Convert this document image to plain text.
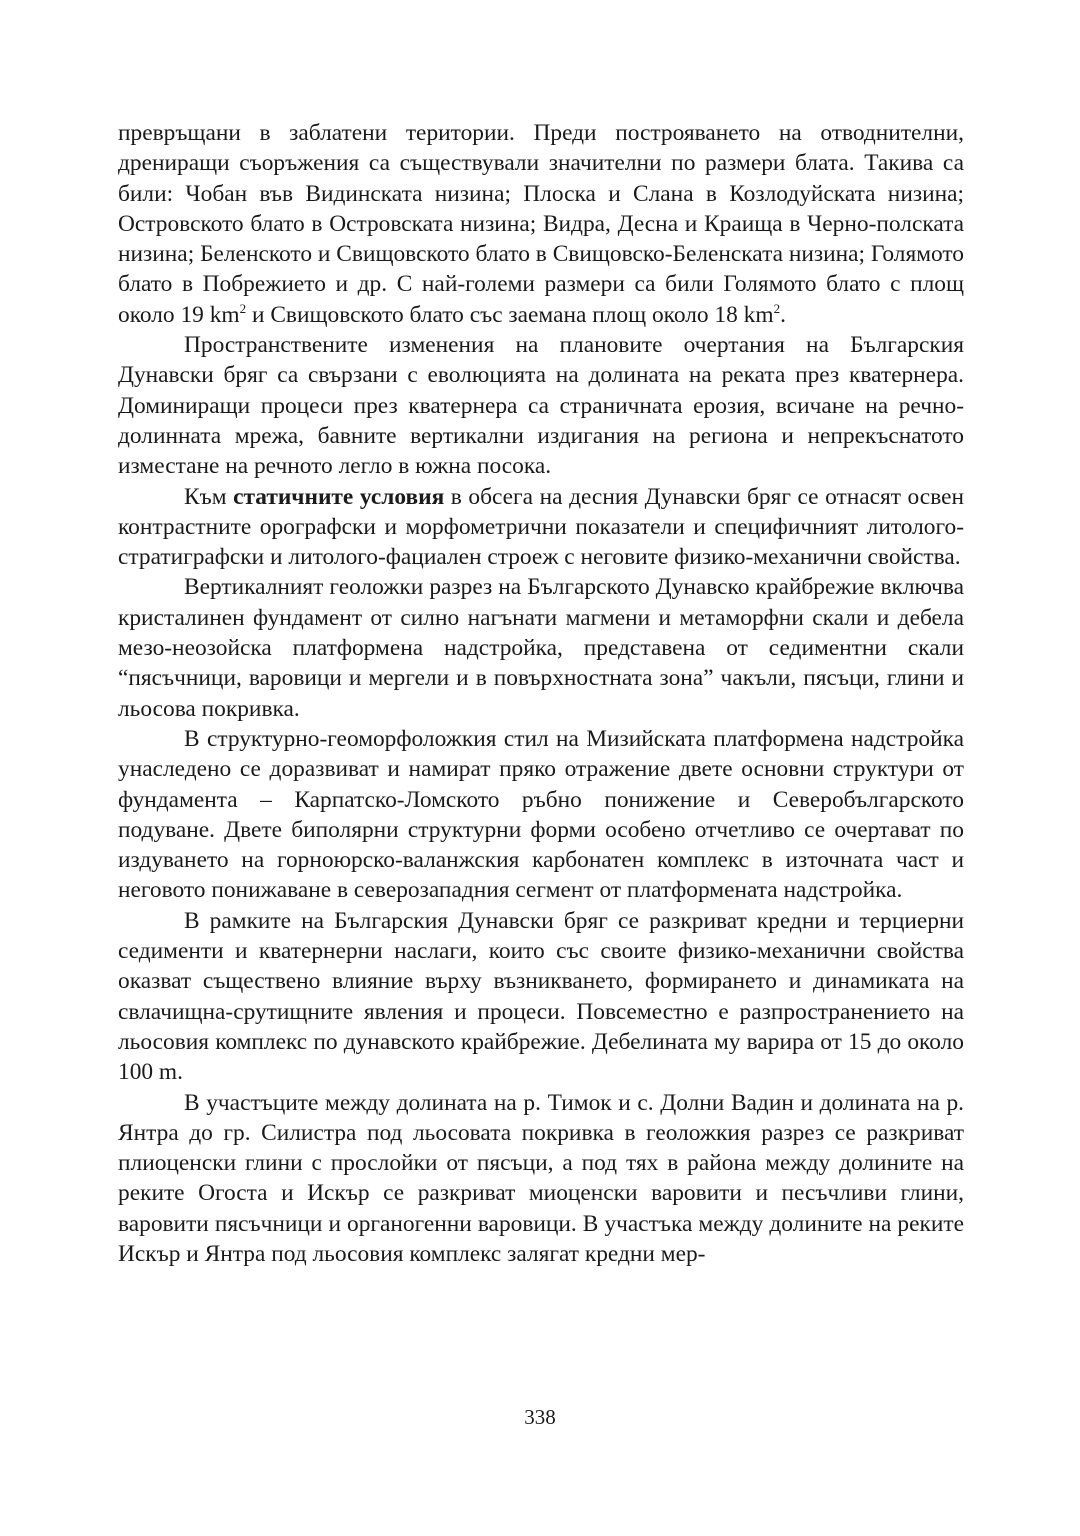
превръщани в заблатени територии. Преди построяването на отводнителни, дрениращи съоръжения са съществували значителни по размери блата. Такива са били: Чобан във Видинската низина; Плоска и Слана в Козлодуйската низина; Островското блато в Островската низина; Видра, Десна и Краища в Черно-полската низина; Беленското и Свищовското блато в Свищовско-Беленската низина; Голямото блато в Побрежието и др. С най-големи размери са били Голямото блато с площ около 19 $km^2$ и Свищовското блато със заемана площ около 18 $km^2$.

Пространствените изменения на плановите очертания на Българския Дунавски бряг са свързани с еволюцията на долината на реката през кватернера. Доминиращи процеси през кватернера са страничната ерозия, всичане на речно-долинната мрежа, бавните вертикални издигания на региона и непрекъснатото изместане на речното легло в южна посока.

Към статичните условия в обсега на десния Дунавски бряг се отнасят освен контрастните орографски и морфометрични показатели и специфичният литолого-стратиграфски и литолого-фациален строеж с неговите физико-механични свойства.

Вертикалният геоложки разрез на Българското Дунавско крайбрежие включва кристалинен фундамент от силно нагънати магмени и метаморфни скали и дебела мезо-неозойска платформена надстройка, представена от седиментни скали “пясъчници, варовици и мергели и в повърхностната зона” чакъли, пясъци, глини и льосова покривка.

В структурно-геоморфоложкия стил на Мизийската платформена надстройка унаследено се доразвиват и намират пряко отражение двете основни структури от фундамента – Карпатско-Ломското ръбно понижение и Северобългарското подуване. Двете биполярни структурни форми особено отчетливо се очертават по издуването на горноюрско-валанжския карбонатен комплекс в източната част и неговото понижаване в северозападния сегмент от платформената надстройка.

В рамките на Българския Дунавски бряг се разкриват кредни и терциерни седименти и кватернерни наслаги, които със своите физико-механични свойства оказват съществено влияние върху възникването, формирането и динамиката на свлачищна-срутищните явления и процеси. Повсеместно е разпространението на льосовия комплекс по дунавското крайбрежие. Дебелината му варира от 15 до около 100 m.

В участъците между долината на р. Тимок и с. Долни Вадин и долината на р. Янтра до гр. Силистра под льосовата покривка в геоложкия разрез се разкриват плиоценски глини с прослойки от пясъци, а под тях в района между долините на реките Огоста и Искър се разкриват миоценски варовити и песъчливи глини, варовити пясъчници и органогенни варовици. В участъка между долините на реките Искър и Янтра под льосовия комплекс залягат кредни мер-

338
